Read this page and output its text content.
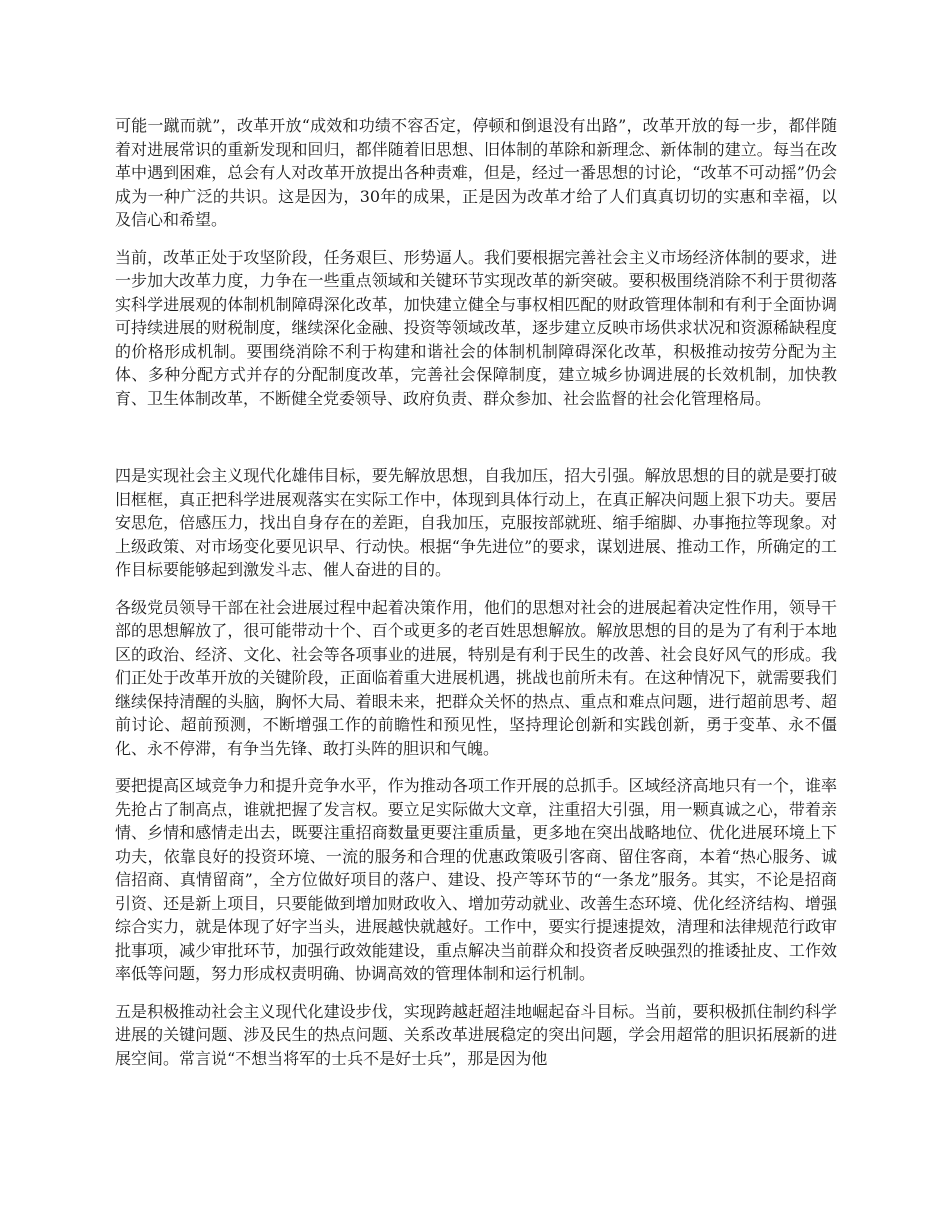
可能一蹴而就”，改革开放“成效和功绩不容否定，停顿和倒退没有出路”，改革开放的每一步，都伴随着对进展常识的重新发现和回归，都伴随着旧思想、旧体制的革除和新理念、新体制的建立。每当在改革中遇到困难，总会有人对改革开放提出各种责难，但是，经过一番思想的讨论，“改革不可动摇”仍会成为一种广泛的共识。这是因为，30年的成果，正是因为改革才给了人们真真切切的实惠和幸福，以及信心和希望。

当前，改革正处于攻坚阶段，任务艰巨、形势逼人。我们要根据完善社会主义市场经济体制的要求，进一步加大改革力度，力争在一些重点领域和关键环节实现改革的新突破。要积极围绕消除不利于贯彻落实科学进展观的体制机制障碍深化改革，加快建立健全与事权相匹配的财政管理体制和有利于全面协调可持续进展的财税制度，继续深化金融、投资等领域改革，逐步建立反映市场供求状况和资源稀缺程度的价格形成机制。要围绕消除不利于构建和谐社会的体制机制障碍深化改革，积极推动按劳分配为主体、多种分配方式并存的分配制度改革，完善社会保障制度，建立城乡协调进展的长效机制，加快教育、卫生体制改革，不断健全党委领导、政府负责、群众参加、社会监督的社会化管理格局。

四是实现社会主义现代化雄伟目标，要先解放思想，自我加压，招大引强。解放思想的目的就是要打破旧框框，真正把科学进展观落实在实际工作中，体现到具体行动上，在真正解决问题上狠下功夫。要居安思危，倍感压力，找出自身存在的差距，自我加压，克服按部就班、缩手缩脚、办事拖拉等现象。对上级政策、对市场变化要见识早、行动快。根据“争先进位”的要求，谋划进展、推动工作，所确定的工作目标要能够起到激发斗志、催人奋进的目的。

各级党员领导干部在社会进展过程中起着决策作用，他们的思想对社会的进展起着决定性作用，领导干部的思想解放了，很可能带动十个、百个或更多的老百姓思想解放。解放思想的目的是为了有利于本地区的政治、经济、文化、社会等各项事业的进展，特别是有利于民生的改善、社会良好风气的形成。我们正处于改革开放的关键阶段，正面临着重大进展机遇，挑战也前所未有。在这种情况下，就需要我们继续保持清醒的头脑，胸怀大局、着眼未来，把群众关怀的热点、重点和难点问题，进行超前思考、超前讨论、超前预测，不断增强工作的前瞻性和预见性，坚持理论创新和实践创新，勇于变革、永不僵化、永不停滞，有争当先锋、敢打头阵的胆识和气魄。

要把提高区域竞争力和提升竞争水平，作为推动各项工作开展的总抓手。区域经济高地只有一个，谁率先抢占了制高点，谁就把握了发言权。要立足实际做大文章，注重招大引强，用一颗真诚之心，带着亲情、乡情和感情走出去，既要注重招商数量更要注重质量，更多地在突出战略地位、优化进展环境上下功夫，依靠良好的投资环境、一流的服务和合理的优惠政策吸引客商、留住客商，本着“热心服务、诚信招商、真情留商”，全方位做好项目的落户、建设、投产等环节的“一条龙”服务。其实，不论是招商引资、还是新上项目，只要能做到增加财政收入、增加劳动就业、改善生态环境、优化经济结构、增强综合实力，就是体现了好字当头，进展越快就越好。工作中，要实行提速提效，清理和法律规范行政审批事项，减少审批环节，加强行政效能建设，重点解决当前群众和投资者反映强烈的推诿扯皮、工作效率低等问题，努力形成权责明确、协调高效的管理体制和运行机制。

五是积极推动社会主义现代化建设步伐，实现跨越赶超洼地崛起奋斗目标。当前，要积极抓住制约科学进展的关键问题、涉及民生的热点问题、关系改革进展稳定的突出问题，学会用超常的胆识拓展新的进展空间。常言说“不想当将军的士兵不是好士兵”，那是因为他
